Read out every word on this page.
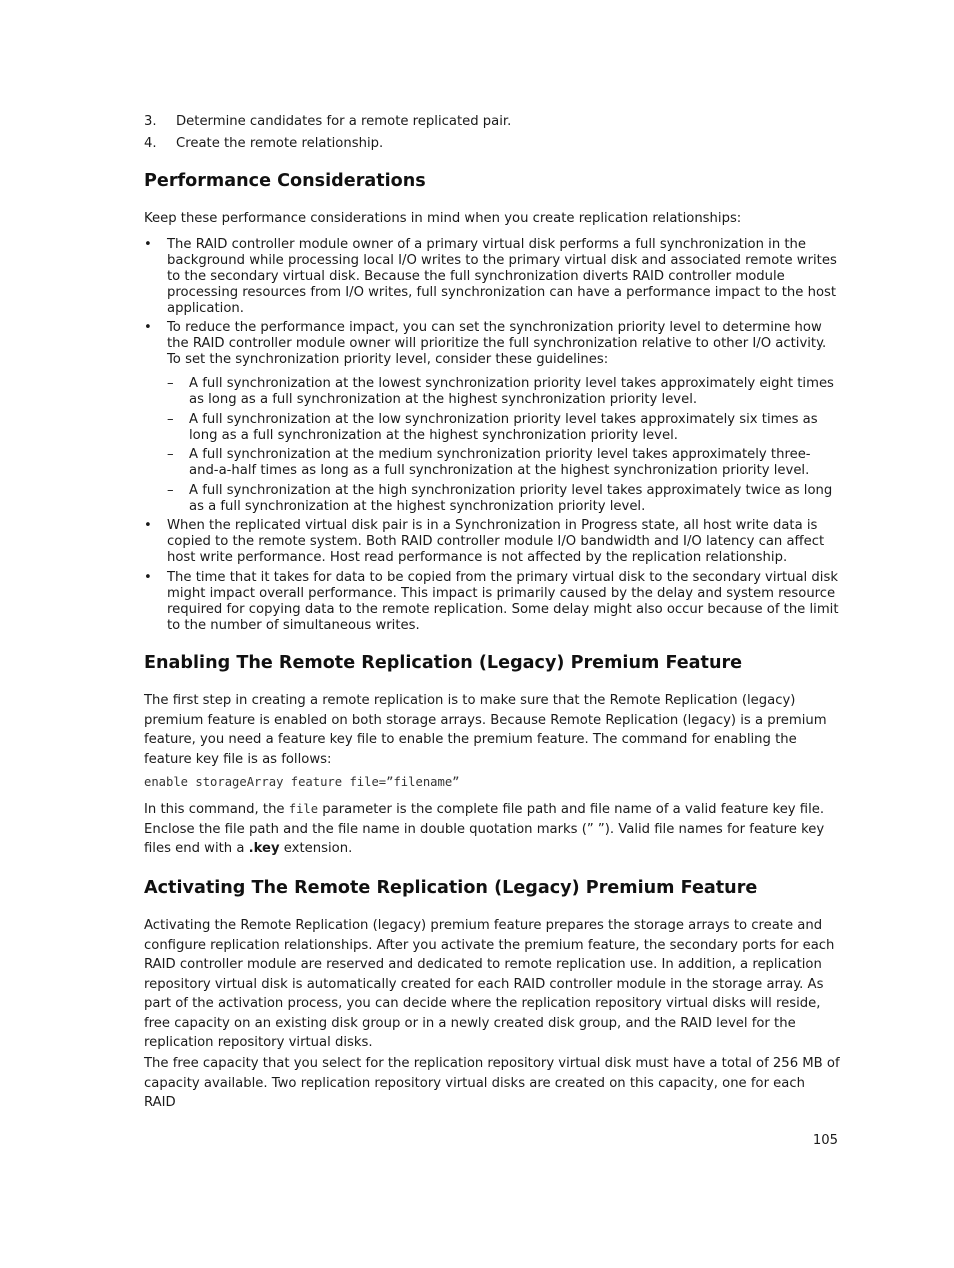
3. Determine candidates for a remote replicated pair.
4. Create the remote relationship.
Performance Considerations
Keep these performance considerations in mind when you create replication relationships:
• The RAID controller module owner of a primary virtual disk performs a full synchronization in the background while processing local I/O writes to the primary virtual disk and associated remote writes to the secondary virtual disk. Because the full synchronization diverts RAID controller module processing resources from I/O writes, full synchronization can have a performance impact to the host application.
• To reduce the performance impact, you can set the synchronization priority level to determine how the RAID controller module owner will prioritize the full synchronization relative to other I/O activity. To set the synchronization priority level, consider these guidelines:
– A full synchronization at the lowest synchronization priority level takes approximately eight times as long as a full synchronization at the highest synchronization priority level.
– A full synchronization at the low synchronization priority level takes approximately six times as long as a full synchronization at the highest synchronization priority level.
– A full synchronization at the medium synchronization priority level takes approximately three-and-a-half times as long as a full synchronization at the highest synchronization priority level.
– A full synchronization at the high synchronization priority level takes approximately twice as long as a full synchronization at the highest synchronization priority level.
• When the replicated virtual disk pair is in a Synchronization in Progress state, all host write data is copied to the remote system. Both RAID controller module I/O bandwidth and I/O latency can affect host write performance. Host read performance is not affected by the replication relationship.
• The time that it takes for data to be copied from the primary virtual disk to the secondary virtual disk might impact overall performance. This impact is primarily caused by the delay and system resource required for copying data to the remote replication. Some delay might also occur because of the limit to the number of simultaneous writes.
Enabling The Remote Replication (Legacy) Premium Feature

The first step in creating a remote replication is to make sure that the Remote Replication (legacy) premium feature is enabled on both storage arrays. Because Remote Replication (legacy) is a premium feature, you need a feature key file to enable the premium feature. The command for enabling the feature key file is as follows:

enable storageArray feature file=”filename”

In this command, the file parameter is the complete file path and file name of a valid feature key file. Enclose the file path and the file name in double quotation marks (” ”). Valid file names for feature key files end with a .key extension.

Activating The Remote Replication (Legacy) Premium Feature

Activating the Remote Replication (legacy) premium feature prepares the storage arrays to create and configure replication relationships. After you activate the premium feature, the secondary ports for each RAID controller module are reserved and dedicated to remote replication use. In addition, a replication repository virtual disk is automatically created for each RAID controller module in the storage array. As part of the activation process, you can decide where the replication repository virtual disks will reside, free capacity on an existing disk group or in a newly created disk group, and the RAID level for the replication repository virtual disks.

The free capacity that you select for the replication repository virtual disk must have a total of 256 MB of capacity available. Two replication repository virtual disks are created on this capacity, one for each RAID

105
